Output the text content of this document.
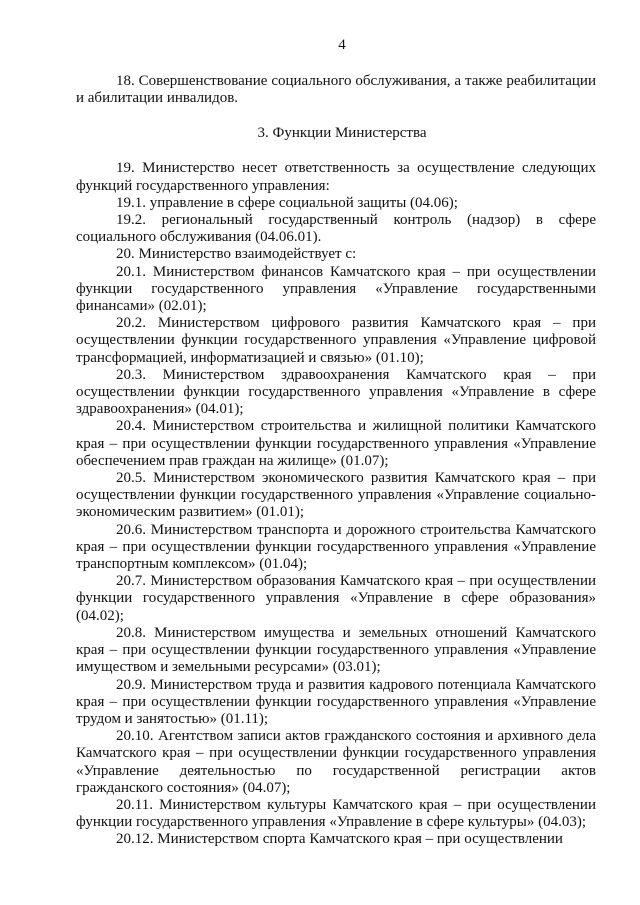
4

18. Совершенствование социального обслуживания, а также реабилитации и абилитации инвалидов.

3. Функции Министерства

19. Министерство несет ответственность за осуществление следующих функций государственного управления:

19.1. управление в сфере социальной защиты (04.06);

19.2. региональный государственный контроль (надзор) в сфере социального обслуживания (04.06.01).

20. Министерство взаимодействует с:

20.1. Министерством финансов Камчатского края – при осуществлении функции государственного управления «Управление государственными финансами» (02.01);

20.2. Министерством цифрового развития Камчатского края – при осуществлении функции государственного управления «Управление цифровой трансформацией, информатизацией и связью» (01.10);

20.3. Министерством здравоохранения Камчатского края – при осуществлении функции государственного управления «Управление в сфере здравоохранения» (04.01);

20.4. Министерством строительства и жилищной политики Камчатского края – при осуществлении функции государственного управления «Управление обеспечением прав граждан на жилище» (01.07);

20.5. Министерством экономического развития Камчатского края – при осуществлении функции государственного управления «Управление социально-экономическим развитием» (01.01);

20.6. Министерством транспорта и дорожного строительства Камчатского края – при осуществлении функции государственного управления «Управление транспортным комплексом» (01.04);

20.7. Министерством образования Камчатского края – при осуществлении функции государственного управления «Управление в сфере образования» (04.02);

20.8. Министерством имущества и земельных отношений Камчатского края – при осуществлении функции государственного управления «Управление имуществом и земельными ресурсами» (03.01);

20.9. Министерством труда и развития кадрового потенциала Камчатского края – при осуществлении функции государственного управления «Управление трудом и занятостью» (01.11);

20.10. Агентством записи актов гражданского состояния и архивного дела Камчатского края – при осуществлении функции государственного управления «Управление деятельностью по государственной регистрации актов гражданского состояния» (04.07);

20.11. Министерством культуры Камчатского края – при осуществлении функции государственного управления «Управление в сфере культуры» (04.03);

20.12. Министерством спорта Камчатского края – при осуществлении
